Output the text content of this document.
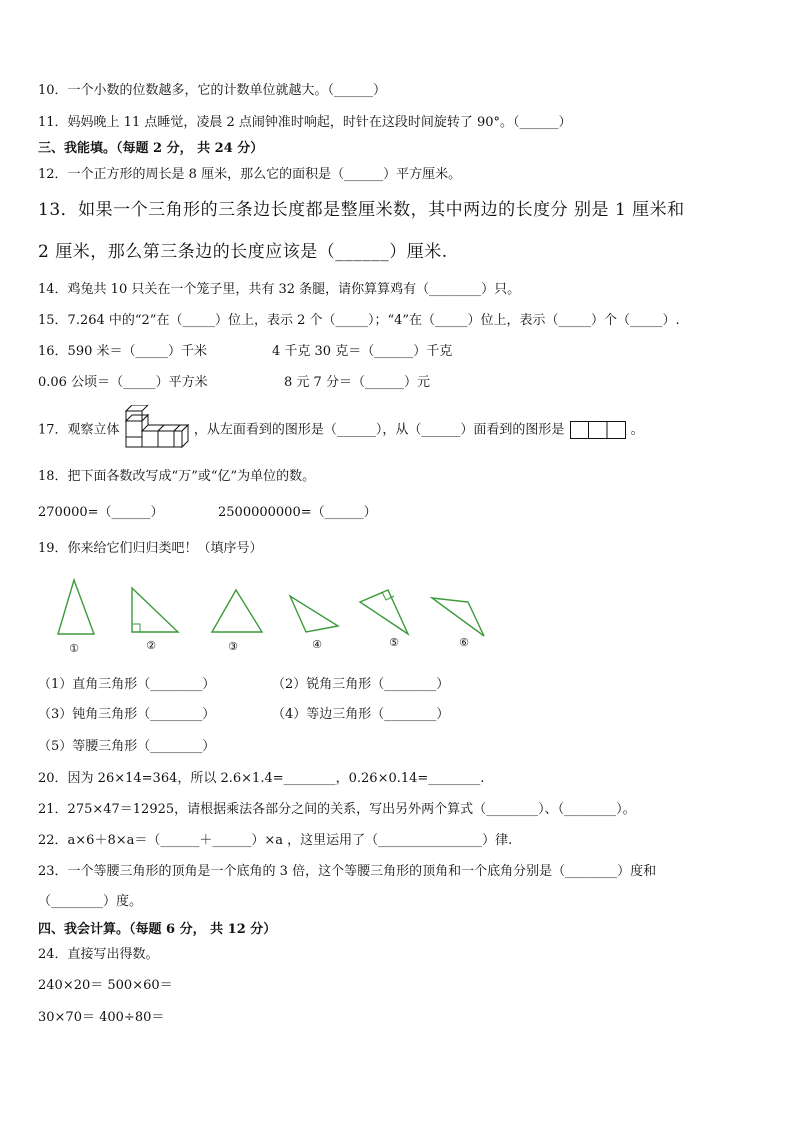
10．一个小数的位数越多，它的计数单位就越大。（______）
11．妈妈晚上 11 点睡觉，凌晨 2 点闹钟准时响起，时针在这段时间旋转了 90°。（______）
三、我能填。（每题 2 分， 共 24 分）
12．一个正方形的周长是 8 厘米，那么它的面积是（______）平方厘米。
13．如果一个三角形的三条边长度都是整厘米数，其中两边的长度分 别是 1 厘米和
2 厘米，那么第三条边的长度应该是（______）厘米.
14．鸡兔共 10 只关在一个笼子里，共有 32 条腿，请你算算鸡有（________）只。
15．7.264 中的“2”在（_____）位上，表示 2 个（_____）；“4”在（_____）位上，表示（_____）个（_____）.
16．590 米＝（_____）千米	4 千克 30 克＝（______）千克
0.06 公顷＝（_____）平方米	8 元 7 分＝（______）元
17．观察立体	，从左面看到的图形是（______），从（______）面看到的图形是	。
18．把下面各数改写成“万”或“亿”为单位的数。
270000=（______）	2500000000=（______）
19．你来给它们归归类吧！（填序号）
①	②	③	④	⑤	⑥
（1）直角三角形（________）	（2）锐角三角形（________）
（3）钝角三角形（________）	（4）等边三角形（________）
（5）等腰三角形（________）
20．因为 26×14=364，所以 2.6×1.4=________，0.26×0.14=________.
21．275×47＝12925，请根据乘法各部分之间的关系，写出另外两个算式（________）、（________）。
22．a×6＋8×a＝（______＋______）×a ，这里运用了（________________）律.
23．一个等腰三角形的顶角是一个底角的 3 倍，这个等腰三角形的顶角和一个底角分别是（________）度和
（________）度。
四、我会计算。（每题 6 分， 共 12 分）
24．直接写出得数。
240×20＝ 500×60＝
30×70＝ 400÷80＝
